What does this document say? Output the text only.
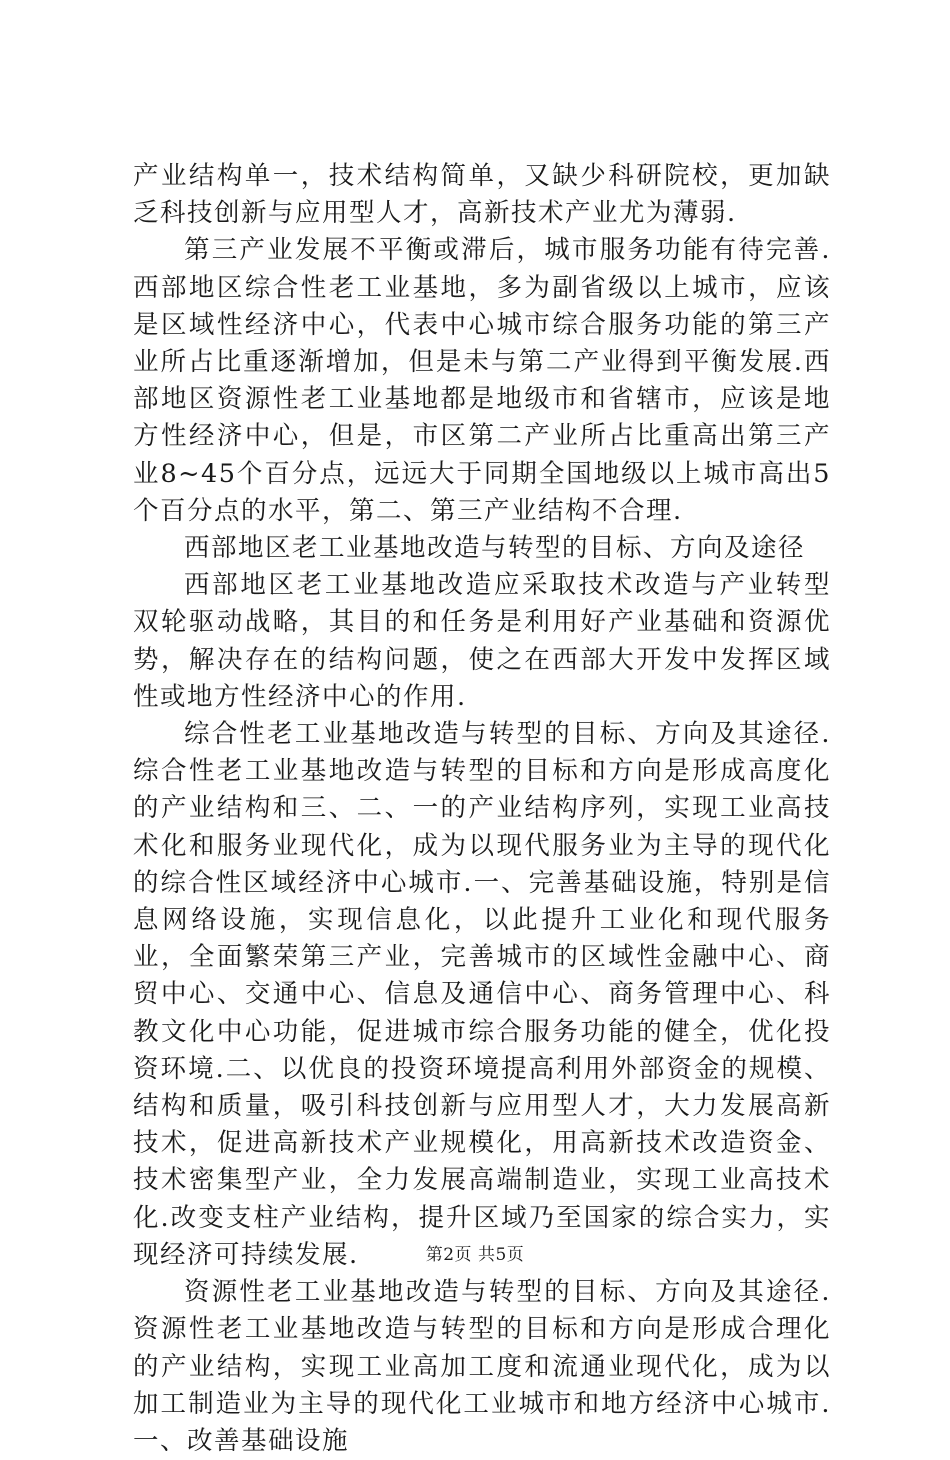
产业结构单一，技术结构简单，又缺少科研院校，更加缺乏科技创新与应用型人才，高新技术产业尤为薄弱.

第三产业发展不平衡或滞后，城市服务功能有待完善.西部地区综合性老工业基地，多为副省级以上城市，应该是区域性经济中心，代表中心城市综合服务功能的第三产业所占比重逐渐增加，但是未与第二产业得到平衡发展.西部地区资源性老工业基地都是地级市和省辖市，应该是地方性经济中心，但是，市区第二产业所占比重高出第三产业8~45个百分点，远远大于同期全国地级以上城市高出5个百分点的水平，第二、第三产业结构不合理.

西部地区老工业基地改造与转型的目标、方向及途径

西部地区老工业基地改造应采取技术改造与产业转型双轮驱动战略，其目的和任务是利用好产业基础和资源优势，解决存在的结构问题，使之在西部大开发中发挥区域性或地方性经济中心的作用.

综合性老工业基地改造与转型的目标、方向及其途径.综合性老工业基地改造与转型的目标和方向是形成高度化的产业结构和三、二、一的产业结构序列，实现工业高技术化和服务业现代化，成为以现代服务业为主导的现代化的综合性区域经济中心城市.一、完善基础设施，特别是信息网络设施，实现信息化，以此提升工业化和现代服务业，全面繁荣第三产业，完善城市的区域性金融中心、商贸中心、交通中心、信息及通信中心、商务管理中心、科教文化中心功能，促进城市综合服务功能的健全，优化投资环境.二、以优良的投资环境提高利用外部资金的规模、结构和质量，吸引科技创新与应用型人才，大力发展高新技术，促进高新技术产业规模化，用高新技术改造资金、技术密集型产业，全力发展高端制造业，实现工业高技术化.改变支柱产业结构，提升区域乃至国家的综合实力，实现经济可持续发展.

资源性老工业基地改造与转型的目标、方向及其途径.资源性老工业基地改造与转型的目标和方向是形成合理化的产业结构，实现工业高加工度和流通业现代化，成为以加工制造业为主导的现代化工业城市和地方经济中心城市.一、改善基础设施

第2页 共5页
